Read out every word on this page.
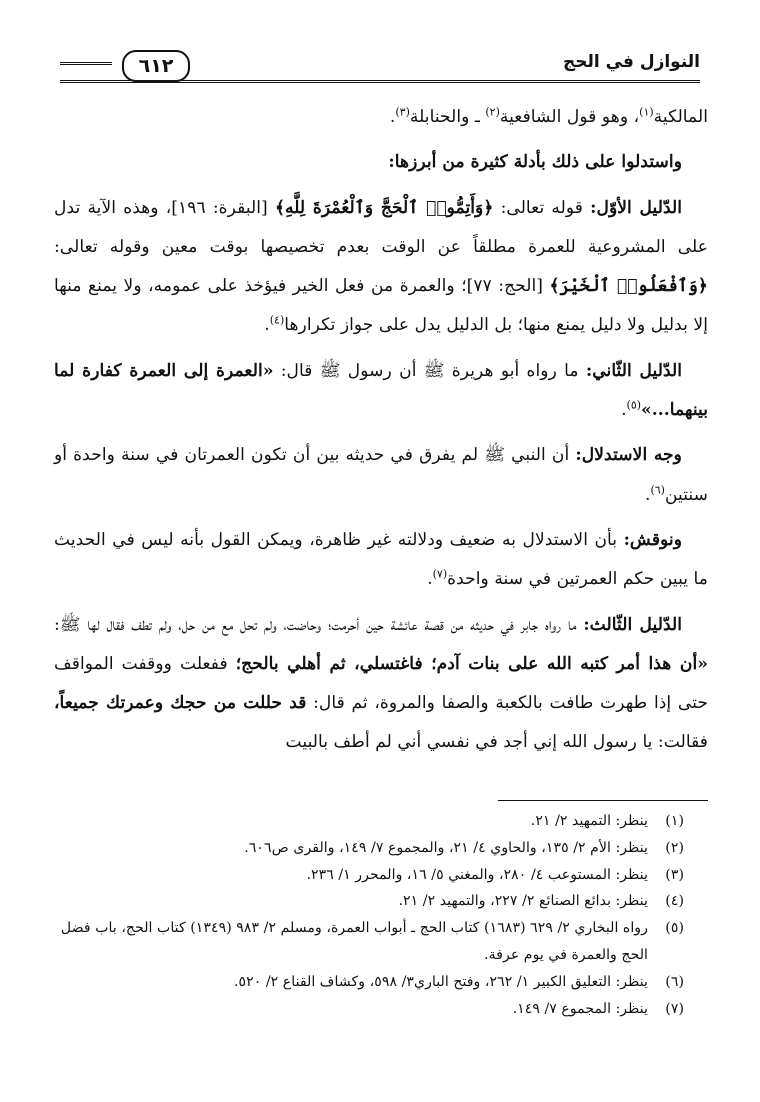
النوازل في الحج
٦١٢

المالكية$^{(١)}$، وهو قول الشافعية$^{(٢)}$ ـ والحنابلة$^{(٣)}$.

واستدلوا على ذلك بأدلة كثيرة من أبرزها:

الدّليل الأوّل: قوله تعالى: ﴿وَأَتِمُّوا۟ ٱلْحَجَّ وَٱلْعُمْرَةَ لِلَّهِ﴾ [البقرة: ١٩٦]، وهذه الآية تدل على المشروعية للعمرة مطلقاً عن الوقت بعدم تخصيصها بوقت معين وقوله تعالى: ﴿وَٱفْعَلُوا۟ ٱلْخَيْرَ﴾ [الحج: ٧٧]؛ والعمرة من فعل الخير فيؤخذ على عمومه، ولا يمنع منها إلا بدليل ولا دليل يمنع منها؛ بل الدليل يدل على جواز تكرارها$^{(٤)}$.

الدّليل الثّاني: ما رواه أبو هريرة ﷺ أن رسول ﷺ قال: «العمرة إلى العمرة كفارة لما بينهما...»$^{(٥)}$.

وجه الاستدلال: أن النبي ﷺ لم يفرق في حديثه بين أن تكون العمرتان في سنة واحدة أو سنتين$^{(٦)}$.

ونوقش: بأن الاستدلال به ضعيف ودلالته غير ظاهرة، ويمكن القول بأنه ليس في الحديث ما يبين حكم العمرتين في سنة واحدة$^{(٧)}$.

الدّليل الثّالث: ما رواه جابر في حديثه من قصة عائشة حين أحرمت؛ وحاضت، ولم تحل مع من حل، ولم تطف فقال لها ﷺ: «أن هذا أمر كتبه الله على بنات آدم؛ فاغتسلي، ثم أهلي بالحج؛ ففعلت ووقفت المواقف حتى إذا طهرت طافت بالكعبة والصفا والمروة، ثم قال: قد حللت من حجك وعمرتك جميعاً، فقالت: يا رسول الله إني أجد في نفسي أني لم أطف بالبيت

(١)
ينظر: التمهيد ٢/ ٢١.
(٢)
ينظر: الأم ٢/ ١٣٥، والحاوي ٤/ ٢١، والمجموع ٧/ ١٤٩، والقرى ص٦٠٦.
(٣)
ينظر: المستوعب ٤/ ٢٨٠، والمغني ٥/ ١٦، والمحرر ١/ ٢٣٦.
(٤)
ينظر: بدائع الصنائع ٢/ ٢٢٧، والتمهيد ٢/ ٢١.
(٥)
رواه البخاري ٢/ ٦٢٩ (١٦٨٣) كتاب الحج ـ أبواب العمرة، ومسلم ٢/ ٩٨٣ (١٣٤٩) كتاب الحج، باب فضل الحج والعمرة في يوم عرفة.
(٦)
ينظر: التعليق الكبير ١/ ٢٦٢، وفتح الباري٣/ ٥٩٨، وكشاف القناع ٢/ ٥٢٠.
(٧)
ينظر: المجموع ٧/ ١٤٩.
